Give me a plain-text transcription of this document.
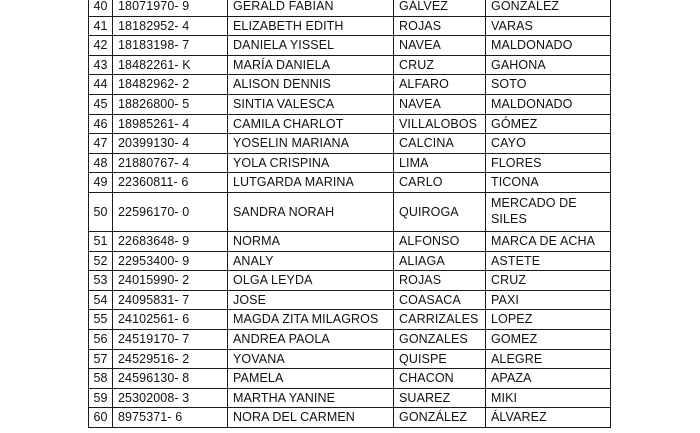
40	18071970- 9	GERALD FABIÁN	GÁLVEZ	GONZÁLEZ
41	18182952- 4	ELIZABETH EDITH	ROJAS	VARAS
42	18183198- 7	DANIELA YISSEL	NAVEA	MALDONADO
43	18482261- K	MARÍA DANIELA	CRUZ	GAHONA
44	18482962- 2	ALISON DENNIS	ALFARO	SOTO
45	18826800- 5	SINTIA VALESCA	NAVEA	MALDONADO
46	18985261- 4	CAMILA CHARLOT	VILLALOBOS	GÓMEZ
47	20399130- 4	YOSELIN MARIANA	CALCINA	CAYO
48	21880767- 4	YOLA CRISPINA	LIMA	FLORES
49	22360811- 6	LUTGARDA MARINA	CARLO	TICONA
50	22596170- 0	SANDRA NORAH	QUIROGA	MERCADO DE SILES
51	22683648- 9	NORMA	ALFONSO	MARCA DE ACHA
52	22953400- 9	ANALY	ALIAGA	ASTETE
53	24015990- 2	OLGA LEYDA	ROJAS	CRUZ
54	24095831- 7	JOSE	COASACA	PAXI
55	24102561- 6	MAGDA ZITA MILAGROS	CARRIZALES	LOPEZ
56	24519170- 7	ANDREA PAOLA	GONZALES	GOMEZ
57	24529516- 2	YOVANA	QUISPE	ALEGRE
58	24596130- 8	PAMELA	CHACON	APAZA
59	25302008- 3	MARTHA YANINE	SUAREZ	MIKI
60	8975371- 6	NORA DEL CARMEN	GONZÁLEZ	ÁLVAREZ
